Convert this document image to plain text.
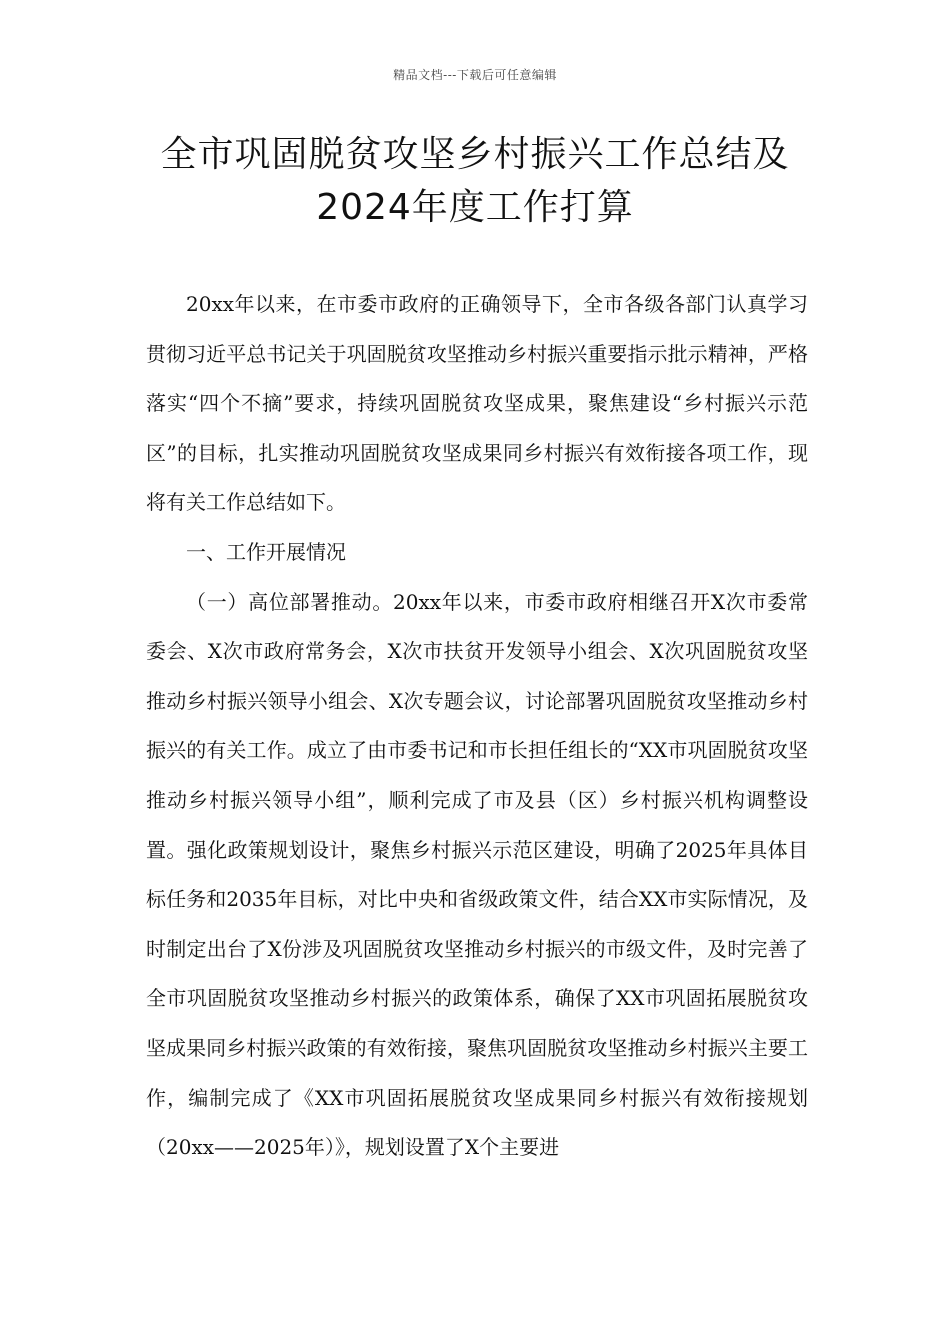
精品文档---下载后可任意编辑
全市巩固脱贫攻坚乡村振兴工作总结及
2024年度工作打算

20xx年以来，在市委市政府的正确领导下，全市各级各部门认真学习贯彻习近平总书记关于巩固脱贫攻坚推动乡村振兴重要指示批示精神，严格落实“四个不摘”要求，持续巩固脱贫攻坚成果，聚焦建设“乡村振兴示范区”的目标，扎实推动巩固脱贫攻坚成果同乡村振兴有效衔接各项工作，现将有关工作总结如下。

一、工作开展情况

（一）高位部署推动。20xx年以来，市委市政府相继召开X次市委常委会、X次市政府常务会，X次市扶贫开发领导小组会、X次巩固脱贫攻坚推动乡村振兴领导小组会、X次专题会议，讨论部署巩固脱贫攻坚推动乡村振兴的有关工作。成立了由市委书记和市长担任组长的“XX市巩固脱贫攻坚推动乡村振兴领导小组”，顺利完成了市及县（区）乡村振兴机构调整设置。强化政策规划设计，聚焦乡村振兴示范区建设，明确了2025年具体目标任务和2035年目标，对比中央和省级政策文件，结合XX市实际情况，及时制定出台了X份涉及巩固脱贫攻坚推动乡村振兴的市级文件，及时完善了全市巩固脱贫攻坚推动乡村振兴的政策体系，确保了XX市巩固拓展脱贫攻坚成果同乡村振兴政策的有效衔接，聚焦巩固脱贫攻坚推动乡村振兴主要工作，编制完成了《XX市巩固拓展脱贫攻坚成果同乡村振兴有效衔接规划（20xx——2025年）》，规划设置了X个主要进
